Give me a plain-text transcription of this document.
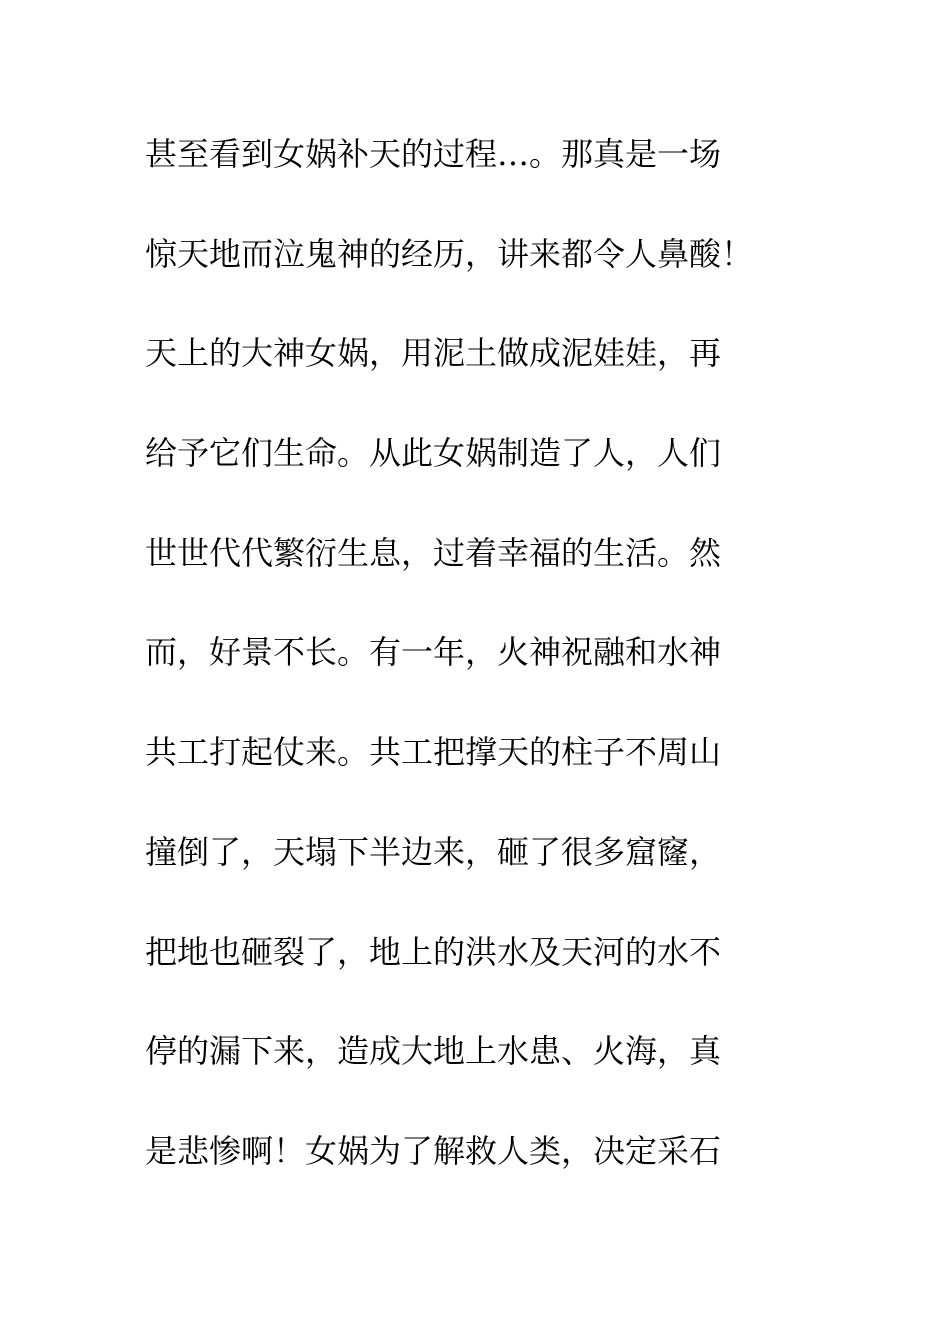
甚至看到女娲补天的过程…。那真是一场
惊天地而泣鬼神的经历，讲来都令人鼻酸！
天上的大神女娲，用泥土做成泥娃娃，再
给予它们生命。从此女娲制造了人，人们
世世代代繁衍生息，过着幸福的生活。然
而，好景不长。有一年，火神祝融和水神
共工打起仗来。共工把撑天的柱子不周山
撞倒了，天塌下半边来，砸了很多窟窿，
把地也砸裂了，地上的洪水及天河的水不
停的漏下来，造成大地上水患、火海，真
是悲惨啊！女娲为了解救人类，决定采石
